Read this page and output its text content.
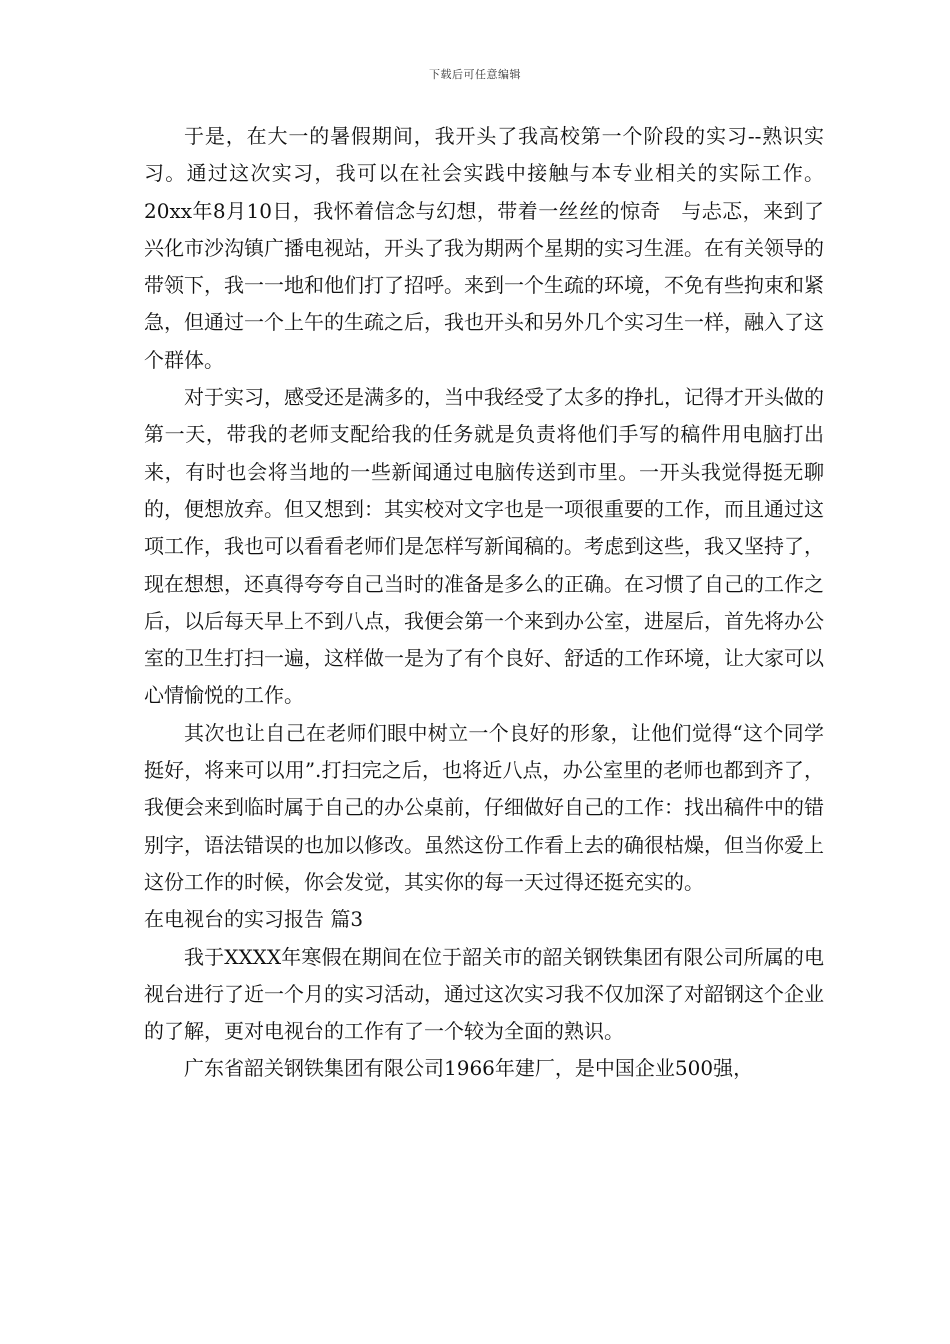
下载后可任意编辑

于是，在大一的暑假期间，我开头了我高校第一个阶段的实习--熟识实习。通过这次实习，我可以在社会实践中接触与本专业相关的实际工作。20xx年8月10日，我怀着信念与幻想，带着一丝丝的惊奇　与忐忑，来到了兴化市沙沟镇广播电视站，开头了我为期两个星期的实习生涯。在有关领导的带领下，我一一地和他们打了招呼。来到一个生疏的环境，不免有些拘束和紧急，但通过一个上午的生疏之后，我也开头和另外几个实习生一样，融入了这个群体。

对于实习，感受还是满多的，当中我经受了太多的挣扎，记得才开头做的第一天，带我的老师支配给我的任务就是负责将他们手写的稿件用电脑打出来，有时也会将当地的一些新闻通过电脑传送到市里。一开头我觉得挺无聊的，便想放弃。但又想到：其实校对文字也是一项很重要的工作，而且通过这项工作，我也可以看看老师们是怎样写新闻稿的。考虑到这些，我又坚持了，现在想想，还真得夸夸自己当时的准备是多么的正确。在习惯了自己的工作之后，以后每天早上不到八点，我便会第一个来到办公室，进屋后，首先将办公室的卫生打扫一遍，这样做一是为了有个良好、舒适的工作环境，让大家可以心情愉悦的工作。

其次也让自己在老师们眼中树立一个良好的形象，让他们觉得“这个同学挺好，将来可以用”.打扫完之后，也将近八点，办公室里的老师也都到齐了，我便会来到临时属于自己的办公桌前，仔细做好自己的工作：找出稿件中的错别字，语法错误的也加以修改。虽然这份工作看上去的确很枯燥，但当你爱上这份工作的时候，你会发觉，其实你的每一天过得还挺充实的。

在电视台的实习报告 篇3

我于XXXX年寒假在期间在位于韶关市的韶关钢铁集团有限公司所属的电视台进行了近一个月的实习活动，通过这次实习我不仅加深了对韶钢这个企业的了解，更对电视台的工作有了一个较为全面的熟识。

广东省韶关钢铁集团有限公司1966年建厂，是中国企业500强，
